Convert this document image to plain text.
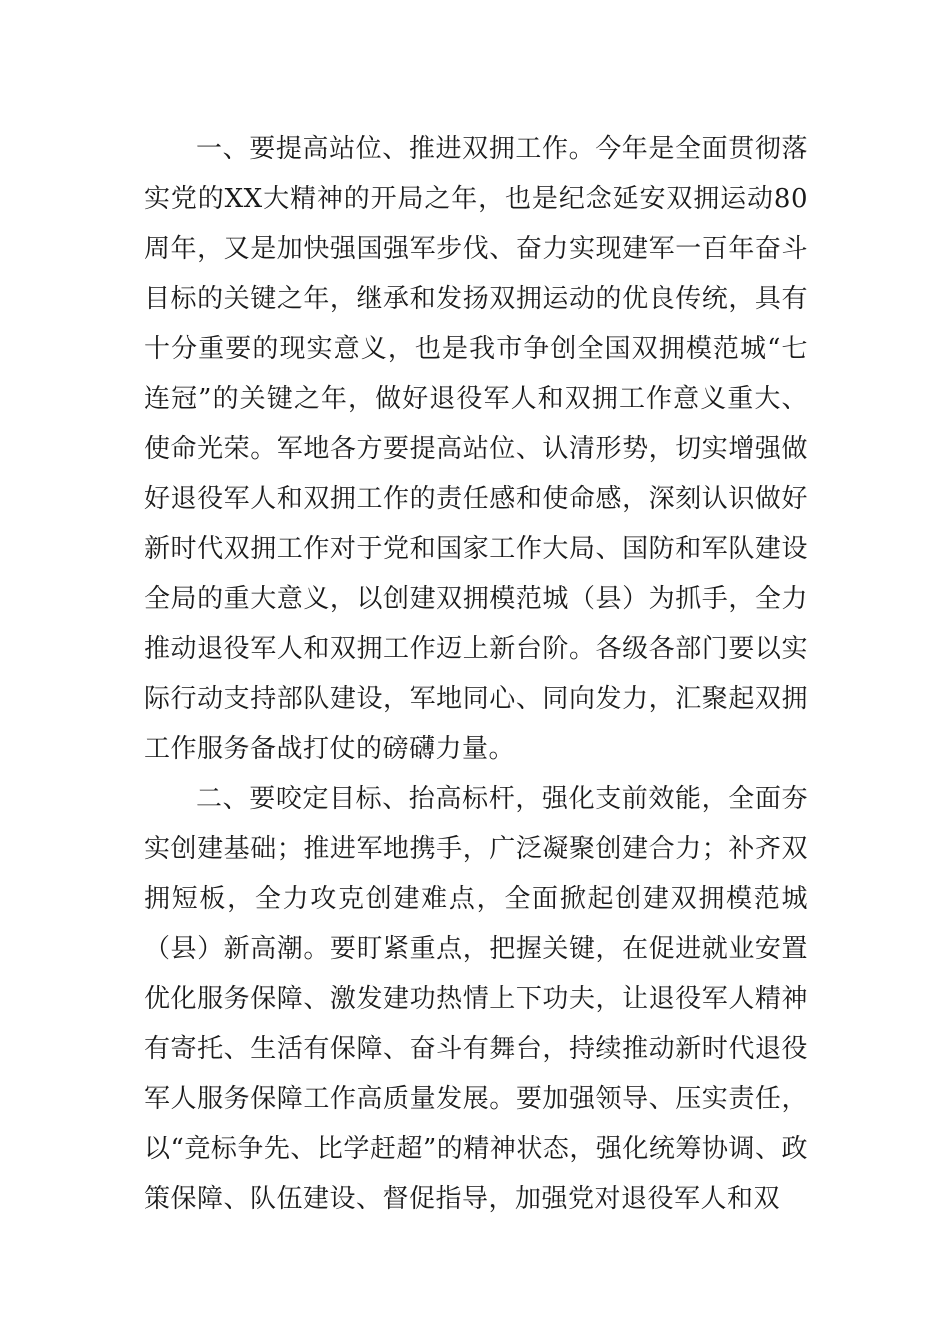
一、要提高站位、推进双拥工作。今年是全面贯彻落实党的XX大精神的开局之年，也是纪念延安双拥运动80周年，又是加快强国强军步伐、奋力实现建军一百年奋斗目标的关键之年，继承和发扬双拥运动的优良传统，具有十分重要的现实意义，也是我市争创全国双拥模范城“七连冠”的关键之年，做好退役军人和双拥工作意义重大、使命光荣。军地各方要提高站位、认清形势，切实增强做好退役军人和双拥工作的责任感和使命感，深刻认识做好新时代双拥工作对于党和国家工作大局、国防和军队建设全局的重大意义，以创建双拥模范城（县）为抓手，全力推动退役军人和双拥工作迈上新台阶。各级各部门要以实际行动支持部队建设，军地同心、同向发力，汇聚起双拥工作服务备战打仗的磅礴力量。

二、要咬定目标、抬高标杆，强化支前效能，全面夯实创建基础；推进军地携手，广泛凝聚创建合力；补齐双拥短板，全力攻克创建难点，全面掀起创建双拥模范城（县）新高潮。要盯紧重点，把握关键，在促进就业安置优化服务保障、激发建功热情上下功夫，让退役军人精神有寄托、生活有保障、奋斗有舞台，持续推动新时代退役军人服务保障工作高质量发展。要加强领导、压实责任，以“竞标争先、比学赶超”的精神状态，强化统筹协调、政策保障、队伍建设、督促指导，加强党对退役军人和双
